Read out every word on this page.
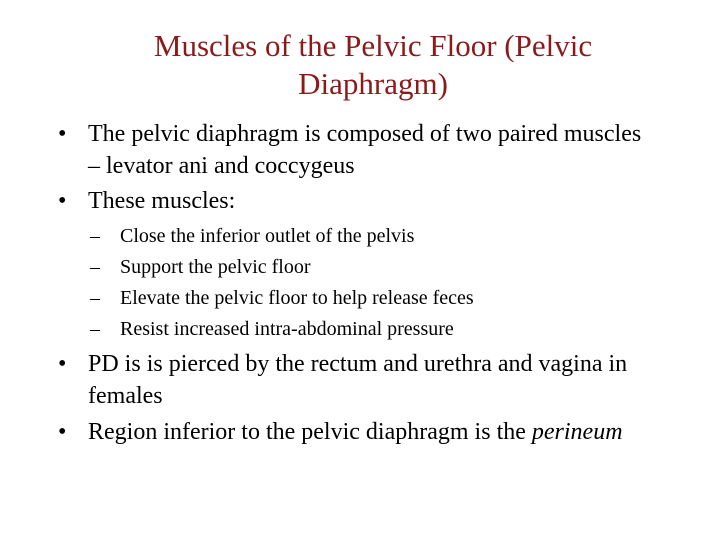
Muscles of the Pelvic Floor (Pelvic Diaphragm)
• The pelvic diaphragm is composed of two paired muscles – levator ani and coccygeus
• These muscles:
–	Close the inferior outlet of the pelvis
–	Support the pelvic floor
–	Elevate the pelvic floor to help release feces
–	Resist increased intra-abdominal pressure
• PD is is pierced by the rectum and urethra and vagina in females
• Region inferior to the pelvic diaphragm is the perineum
